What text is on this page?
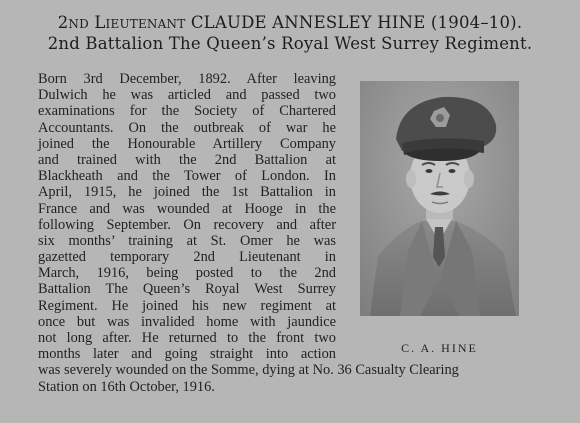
2nd Lieutenant CLAUDE ANNESLEY HINE (1904–10).
2nd Battalion The Queen’s Royal West Surrey Regiment.
Born 3rd December, 1892. After leaving
Dulwich he was articled and passed two
examinations for the Society of Chartered
Accountants. On the outbreak of war he
joined the Honourable Artillery Company
and trained with the 2nd Battalion at
Blackheath and the Tower of London. In
April, 1915, he joined the 1st Battalion in
France and was wounded at Hooge in the
following September. On recovery and after
six months’ training at St. Omer he was
gazetted temporary 2nd Lieutenant in
March, 1916, being posted to the 2nd
Battalion The Queen’s Royal West Surrey
Regiment. He joined his new regiment at
once but was invalided home with jaundice
not long after. He returned to the front two
months later and going straight into action
was severely wounded on the Somme, dying at No. 36 Casualty Clearing
Station on 16th October, 1916.
C. A. HINE
